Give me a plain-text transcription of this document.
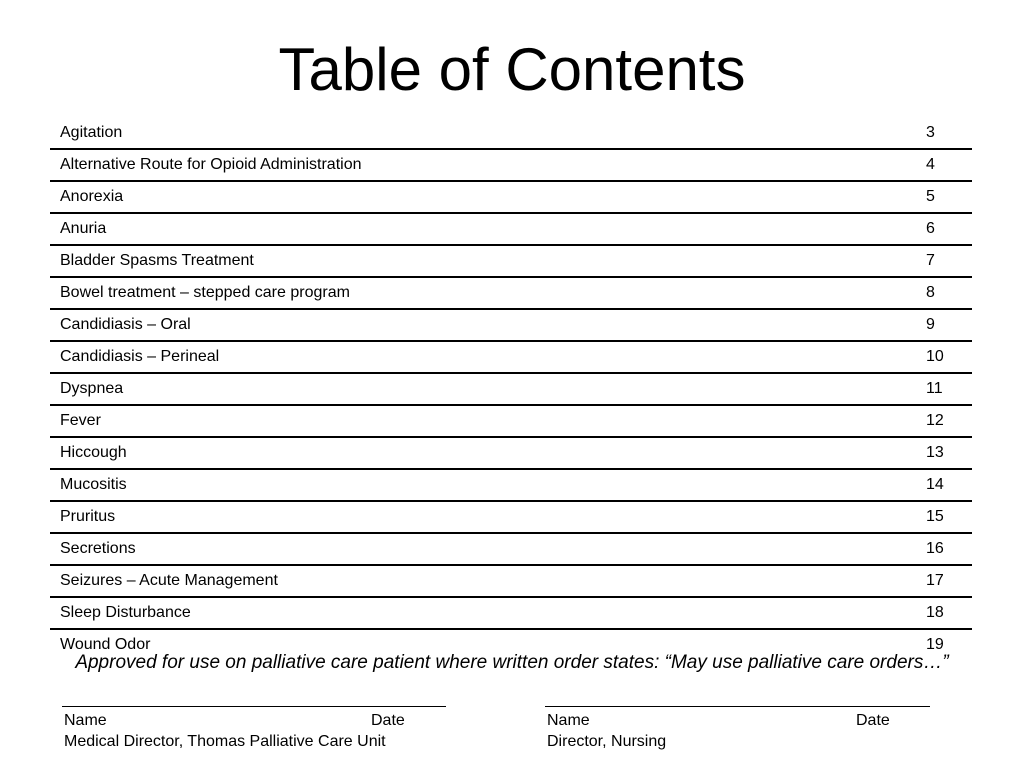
Table of Contents
Agitation	3
Alternative Route for Opioid Administration	4
Anorexia	5
Anuria	6
Bladder Spasms Treatment	7
Bowel treatment – stepped care program	8
Candidiasis – Oral	9
Candidiasis – Perineal	10
Dyspnea	11
Fever	12
Hiccough	13
Mucositis	14
Pruritus	15
Secretions	16
Seizures – Acute Management	17
Sleep Disturbance	18
Wound Odor	19
Approved for use on palliative care patient where written order states: “May use palliative care orders…”
Name	Date
Medical Director, Thomas Palliative Care Unit
Name	Date
Director, Nursing
